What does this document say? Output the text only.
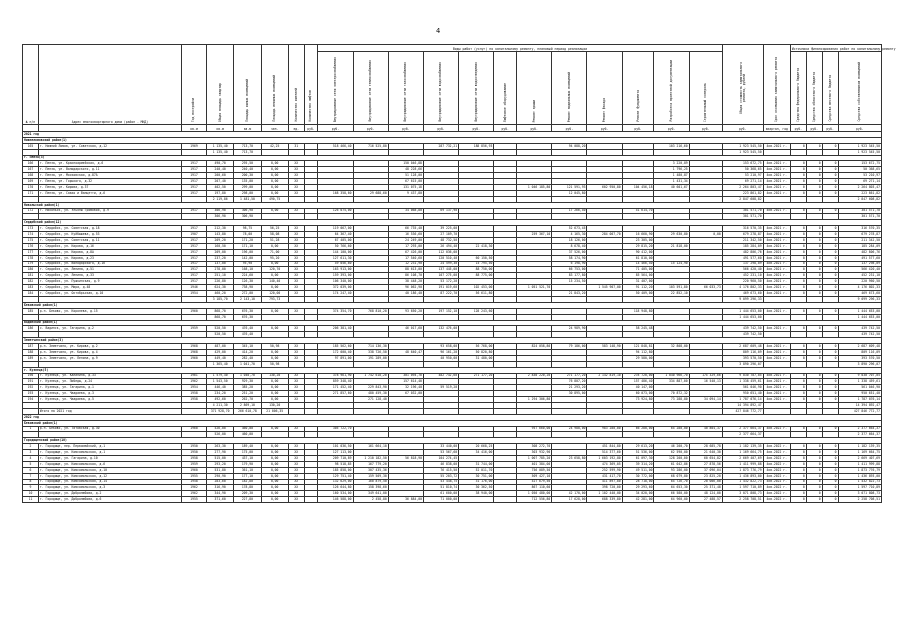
4
№ п/п	Адрес многоквартирного дома (район - МКД)	Год постройки	Общая площадь квартир	Площадь жилых помещений	Площадь нежилых помещений	Количество жителей	Количество лифтов	Виды работ (услуг) по капитальному ремонту, плановый период реализации												Общая стоимость капитального ремонта, рублей	Срок окончания капитального ремонта	Источники финансирования работ по капитальному ремонту			
								Внутридомовые сети электроснабжения	Внутридомовые сети теплоснабжения	Внутридомовые сети газоснабжения	Внутридомовые сети водоснабжения	Внутридомовые сети водоотведения	Лифтовое оборудование	Ремонт крыши	Ремонт подвальных помещений	Ремонт фасада	Ремонт фундамента	Разработка проектной документации	Строительный контроль			Средства федерального бюджета	Средства областного бюджета	Средства местного бюджета	Средства собственников помещений
		кв.м	кв.м	кв.м	чел.	ед.	руб.	руб.	руб.	руб.	руб.	руб.	руб.	руб.	руб.	руб.	руб.	руб.	руб.	руб.	квартал, год	руб.	руб.	руб.	руб.
2021 год																									
Нижнеломовский район(1)																									
165	г. Нижний Ломов, ул. Советская, д.12	1969	1 135,40	713,70	42,25	31		518 466,40	716 525,80		287 732,21	188 856,93			94 088,20			103 216,60		1 923 545,50	4кв.2021 г.	0	0	0	1 923 545,50
			1 135,40	713,70																1 923 545,50					1 923 545,50
г. Пенза(3)																									
166	г. Пенза, ул. Красноармейская, д.6	1917	490,70	295,50	0,00	XX				150 046,88								3 220,89		153 672,75	4кв.2021 г.	0	0	0	153 672,75
167	г. Пенза, ул. Володарского, д.11	1917	240,40	240,40	0,00	XX				48 228,66								1 796,25		50 368,65	4кв.2021 г.	0	0	0	50 368,65
168	г. Пенза, ул. Московская, д.87А	1917	200,60	200,30	0,00	XX				51 128,00								1 480,87		53 210,97	4кв.2021 г.	0	0	0	53 210,97
169	г. Пенза, ул. Горького, д.32	1917	207,40	135,00	0,00	XX				67 615,00								1 431,34		69 271,14	4кв.2021 г.	0	0	0	69 271,14
170	г. Пенза, ул. Кирова, д.37	1917	402,50	299,00	0,00	XX				131 075,18				1 046 185,80	121 591,93	602 950,80	104 456,18	40 601,67		2 264 803,47	4кв.2021 г.	0	0	0	2 264 803,47
171	г. Пенза, ул. Сакко и Ванцетти, д.6	1917	197,80	298,00	0,00	XX		168 358,60	29 688,60	9 437,80					12 045,80					223 861,82	4кв.2021 г.	0	0	0	223 861,82
			2 119,86	1 481,50	490,75															2 847 608,82					2 847 608,82
Никольский район(1)																									
172	г. Никольск, ул. Ульяны Громовой, д.9	1917	306,90	306,90	0,00	XX		126 075,00		34 068,80	69 137,90				17 266,40		41 614,70			301 571,70	4кв.2021 г.	0	0	0	301 571,70
			306,90	306,90																301 571,70					301 571,70
Сердобский район(12)																									
173	г. Сердобск, ул. Советская, д.18	1917	212,30	98,75	56,25	XX		119 067,00		66 735,40	39 225,00				52 673,45					316 570,35	4кв.2021 г.	0	0	0	316 570,35
174	г. Сердобск, ул. Куйбышева, д.53	1907	143,80	78,00	58,08	XX		64 367,40		16 536,60	27 109,70			259 367,10	4 165,30	284 007,70	16 660,90	29 630,80	0,00	679 278,87	4кв.2021 г.	0	0	0	679 278,87
175	г. Сердобск, ул. Советская, д.11	1917	209,20	171,20	51,28	XX		67 405,00		24 249,00	48 732,50				18 126,00		23 305,00			211 342,50	4кв.2021 г.	0	0	0	211 342,50
176	г. Сердобск, ул. Кирова, д.16	1917	160,50	171,10	0,00	XX		50 766,60		17 293,00	26 494,40	22 418,30			8 678,40		29 815,20	21 818,00		185 284,09	4кв.2021 г.	0	0	0	185 284,09
177	г. Сердобск, ул. Кирова, д.8А	1917	209,00	196,00	71,00	XX		144 100,00		67 426,00	112 036,00				37 526,00		90 412,00			482 806,76	4кв.2021 г.	0	0	0	482 806,76
178	г. Сердобск, ул. Кирова, д.23	1917	237,20	142,00	95,20	XX		127 611,30		17 540,60	120 510,40	60 150,50			58 174,90		61 810,00			491 577,60	4кв.2021 г.	0	0	0	491 577,60
179	г. Сердобск, ул. Володарского, д.16	1917	137,00	95,90	0,00	XX		49 056,60		12 231,90	24 599,30	15 795,50			6 198,90		14 466,40	15 124,90		137 298,09	4кв.2021 г.	0	0	0	137 298,09
180	г. Сердобск, ул. Ленина, д.51	1917	278,00	168,10	120,70	XX		163 913,00		88 613,00	137 445,00	88 750,00			66 753,00		71 405,00			566 420,40	4кв.2021 г.	0	0	0	566 420,40
181	г. Сердобск, ул. Ленина, д.33	1917	251,10	224,60	0,00	XX		159 393,00		86 108,70	107 275,00	88 775,00			83 177,80		85 564,00			452 231,10	4кв.2021 г.	0	0	0	452 231,10
182	г. Сердобск, ул. Пушкинская, д.9	1917	226,80	126,30	140,40	XX		106 340,00		38 448,20	53 172,20				15 234,50		31 407,00			220 960,50	4кв.2021 г.	0	0	0	220 960,50
183	г. Сердобск, ул. Мира, д.48	1946	624,30	738,90	0,00	XX		372 039,00		96 062,90	191 019,60	102 453,00		1 051 521,70		1 545 907,00	91 112,20	103 591,80	66 033,73	4 176 802,33	4кв.2021 г.	0	0	0	4 176 802,33
184	г. Сердобск, ул. Октябрьская, д.10	1954	460,20	272,00	120,00	XX		174 247,40		40 186,40	87 222,70	56 611,80			21 843,20		50 409,00	22 852,10		469 673,60	4кв.2021 г.	0	0	0	469 673,60
			3 185,70	2 143,10	793,73															9 099 296,33					9 099 296,33
Бековский район(1)																									
185	р.п. Беково, ул. Королева, д.15	1960	868,70	676,30	0,00	XX		374 354,70	768 810,20	93 650,20	197 152,10	128 243,60					118 948,80			1 444 653,00	4кв.2021 г.	0	0	0	1 444 653,00
			868,70	676,30																1 444 653,00					1 444 653,00
Вадинский район(1)																									
186	с. Вадинск, ул. Гагарина, д.2	1959	520,50	476,40	0,00	XX		206 381,40		46 017,60	132 476,00				24 989,90		58 245,48			439 742,50	4кв.2021 г.	0	0	0	439 742,50
			520,50	476,40																439 742,50					439 742,50
Земетчинский район(3)																									
187	р.п. Земетчино, ул. Кирова, д.2	1968	487,00	345,10	50,98	XX		185 562,60	714 136,30		93 658,00	56 768,00		824 058,80	79 186,00	583 148,90	121 848,81	32 808,00		2 687 609,48	4кв.2021 г.	0	0	0	2 687 609,48
188	р.п. Земетчино, ул. Кирова, д.4	1968	429,00	414,20	0,00	XX		172 000,40	338 726,50	48 640,47	96 161,20	50 820,80					94 112,80			809 116,09	4кв.2021 г.	0	0	0	809 116,09
189	р.п. Земетчино, ул. Ленина, д.9	1960	449,40	282,40	0,00	XX		97 891,00	191 289,00		40 950,00	31 480,00					29 580,00			393 570,50	4кв.2021 г.	0	0	0	393 570,50
			1 365,40	1 041,70	50,98															3 890 296,07					3 890 296,07
г. Кузнецк(5)																									
190	г. Кузнецк, ул. Калинина, д.33	1961	1 579,40	1 040,70	130,20	XX		378 961,90	1 742 618,20	301 094,70	482 742,60	271 177,20		2 830 220,20	271 177,20	2 142 819,10	278 720,00	1 040 966,70	174 329,66	9 030 707,05	4кв.2021 г.	0	0	0	9 030 707,05
191	г. Кузнецк, ул. Победы, д.24	1962	1 543,50	929,30	0,00	XX		859 348,40		157 614,40					76 807,20		157 486,40	334 887,00	16 540,13	1 338 459,61	4кв.2021 г.	0	0	0	1 338 459,61
192	г. Кузнецк, ул. Гагарина, д.1	1954	446,40	385,20	0,00	XX		171 452,40	229 843,90	32 196,40	59 519,20				21 293,20		40 147,00			561 046,90	4кв.2021 г.	0	0	0	561 046,90
193	г. Кузнецк, ул. Чаадаева, д.3	1958	234,20	251,20	0,00	XX		271 857,60	480 459,30	67 032,00					30 895,00		60 073,00	70 872,32		950 651,40	4кв.2021 г.	0	0	0	950 651,40
194	г. Кузнецк, ул. Чаадаева, д.5	1958	492,60	262,70	0,00	XX			271 128,40					1 294 306,80			73 924,80	73 288,80	34 094,14	1 787 076,14	4кв.2021 г.	0	0	0	1 787 076,14
			4 211,30	2 869,10	130,20															14 394 892,47					14 394 892,47
	Итого на 2021 год		371 928,70	266 610,78	21 006,35															427 846 772,77					427 846 772,77
2022 год																									
Бековский район(1)																									
1	р.п. Беково, ул. Титовская, д.30	1960	526,00	460,00	0,00	XX		305 722,70						957 660,00	24 980,00	983 280,00	66 280,00	64 280,00	40 804,37	2 377 664,37	4кв.2022 г.	0	0	0	2 377 664,37
			526,00	460,00																2 377 664,37					2 377 664,37
Городищенский район(10)																									
2	г. Городище, пер. Первомайский, д.1	1950	263,30	189,40	0,00	XX		101 036,50	161 664,10		33 440,00	20 668,25		308 272,70		451 844,80	29 613,20	46 200,70	28 685,78	1 182 139,35	4кв.2022 г.	0	0	0	1 182 139,35
3	г. Городище, ул. Комсомольская, д.1	1950	277,90	175,00	0,00	XX		127 113,00			53 567,60	34 416,00		303 932,90		514 377,60	51 536,00	62 590,00	21 640,30	1 169 664,75	4кв.2022 г.	0	0	0	1 169 664,75
4	г. Городище, ул. Гагарина, д.10	1958	515,00	437,10	0,00	XX		209 710,89	1 210 182,50	56 818,90	104 274,45			1 007 785,20	23 658,80	1 603 192,80	61 097,30	128 200,00	60 654,82	2 669 407,69	4кв.2022 г.	0	0	0	2 669 407,69
5	г. Городище, ул. Комсомольская, д.6	1959	293,20	179,90	0,00	XX		98 518,85	167 779,20		46 838,00	31 744,00		401 384,00		474 369,05	39 314,20	61 042,86	27 878,56	1 411 999,88	4кв.2022 г.	0	0	0	1 411 999,88
6	г. Городище, ул. Комсомольская, д.10	1960	531,80	361,10	0,00	XX		185 858,00	307 435,36		76 415,50	52 011,70		756 089,50		252 599,90	49 511,00	93 286,00	37 096,04	1 873 776,79	4кв.2022 г.	0	0	0	1 873 776,79
7	г. Городище, ул. Комсомольская, д.12	1955	290,90	177,10	0,00	XX		129 751,40	159 509,30		55 203,72	30 751,00		509 427,10		431 417,70	30 772,00	68 079,80	23 825,20	1 436 893,00	4кв.2022 г.	0	0	0	1 436 893,00
8	г. Городище, ул. Комсомольская, д.14	1958	283,60	182,80	0,00	XX		132 629,00	160 879,50		53 448,75	31 176,00		527 679,50		411 897,80	28 718,00	64 726,70	20 006,00	1 432 822,73	4кв.2022 г.	0	0	0	1 432 822,73
9	г. Городище, ул. Комсомольская, д.3	1962	316,90	178,80	0,00	XX		126 644,80	158 398,60		51 810,74	30 362,50		867 110,60		398 720,00	29 293,60	64 653,30	25 371,48	1 597 710,89	4кв.2022 г.	0	0	0	1 597 710,89
10	г. Городище, ул. Добролюбова, д.2	1962	344,90	209,30	0,00	XX		160 534,00	349 641,00		61 600,00	38 940,00		1 050 480,00	42 170,00	1 102 440,00	34 020,00	66 580,00	48 124,00	3 071 808,73	4кв.2022 г.	0	0	0	3 071 808,73
11	г. Городище, ул. Добролюбова, д.6	1955	371,60	227,80	0,00	XX		146 588,00	2 458,80	36 884,00	71 000,00			712 556,80	17 628,00	688 339,80	42 281,00	64 960,00	27 488,57	2 258 708,51	4кв.2022 г.	0	0	0	2 258 708,51
